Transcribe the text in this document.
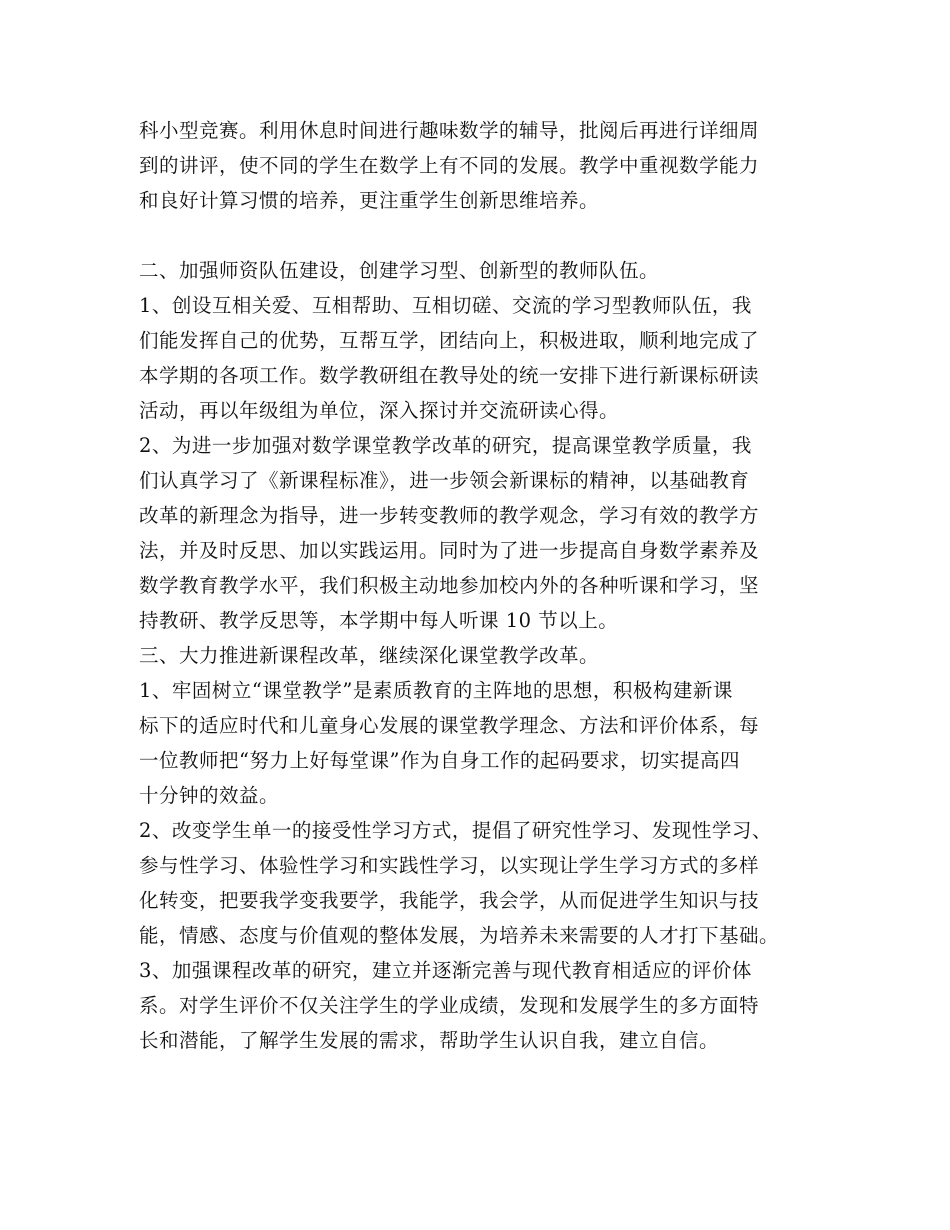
科小型竞赛。利用休息时间进行趣味数学的辅导，批阅后再进行详细周
到的讲评，使不同的学生在数学上有不同的发展。教学中重视数学能力
和良好计算习惯的培养，更注重学生创新思维培养。
二、加强师资队伍建设，创建学习型、创新型的教师队伍。
1、创设互相关爱、互相帮助、互相切磋、交流的学习型教师队伍，我
们能发挥自己的优势，互帮互学，团结向上，积极进取，顺利地完成了
本学期的各项工作。数学教研组在教导处的统一安排下进行新课标研读
活动，再以年级组为单位，深入探讨并交流研读心得。
2、为进一步加强对数学课堂教学改革的研究，提高课堂教学质量，我
们认真学习了《新课程标准》，进一步领会新课标的精神，以基础教育
改革的新理念为指导，进一步转变教师的教学观念，学习有效的教学方
法，并及时反思、加以实践运用。同时为了进一步提高自身数学素养及
数学教育教学水平，我们积极主动地参加校内外的各种听课和学习，坚
持教研、教学反思等，本学期中每人听课 10 节以上。
三、大力推进新课程改革，继续深化课堂教学改革。
1、牢固树立“课堂教学”是素质教育的主阵地的思想，积极构建新课
标下的适应时代和儿童身心发展的课堂教学理念、方法和评价体系，每
一位教师把“努力上好每堂课”作为自身工作的起码要求，切实提高四
十分钟的效益。
2、改变学生单一的接受性学习方式，提倡了研究性学习、发现性学习、
参与性学习、体验性学习和实践性学习，以实现让学生学习方式的多样
化转变，把要我学变我要学，我能学，我会学，从而促进学生知识与技
能，情感、态度与价值观的整体发展，为培养未来需要的人才打下基础。
3、加强课程改革的研究，建立并逐渐完善与现代教育相适应的评价体
系。对学生评价不仅关注学生的学业成绩，发现和发展学生的多方面特
长和潜能，了解学生发展的需求，帮助学生认识自我，建立自信。
